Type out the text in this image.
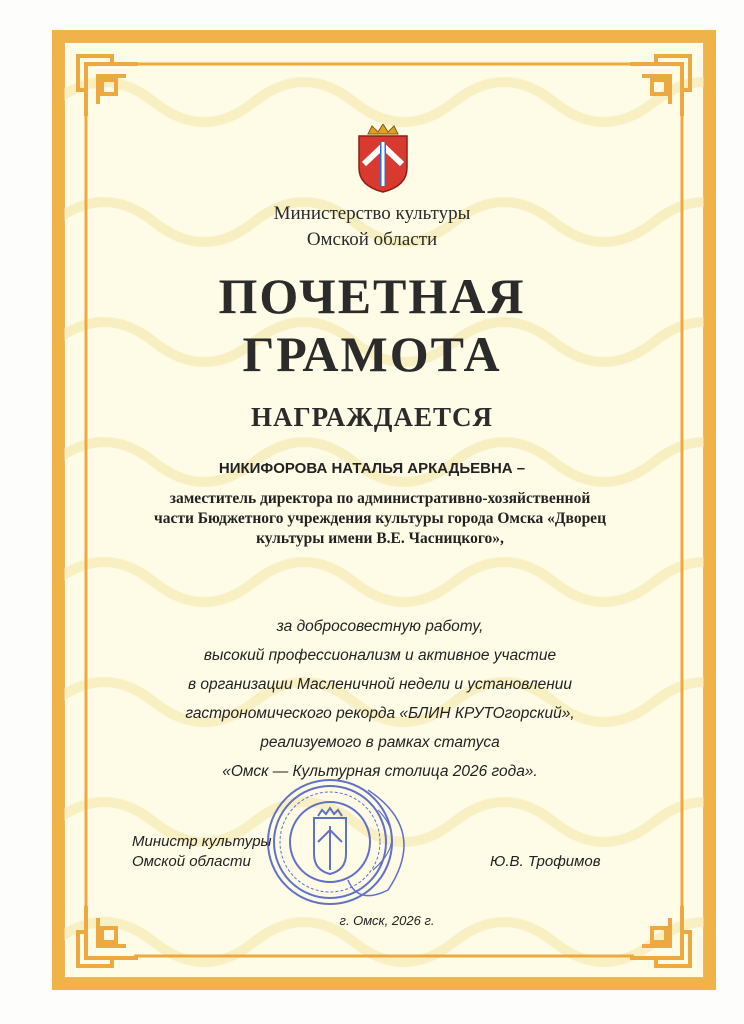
Министерство культуры
Омской области
ПОЧЕТНАЯ
ГРАМОТА
НАГРАЖДАЕТСЯ
НИКИФОРОВА НАТАЛЬЯ АРКАДЬЕВНА –
заместитель директора по административно-хозяйственной
части Бюджетного учреждения культуры города Омска «Дворец
культуры имени В.Е. Часницкого»,
за добросовестную работу,
высокий профессионализм и активное участие
в организации Масленичной недели и установлении
гастрономического рекорда «БЛИН КРУТОгорский»,
реализуемого в рамках статуса
«Омск — Культурная столица 2026 года».
Министр культуры
Омской области	Ю.В. Трофимов
г. Омск, 2026 г.
